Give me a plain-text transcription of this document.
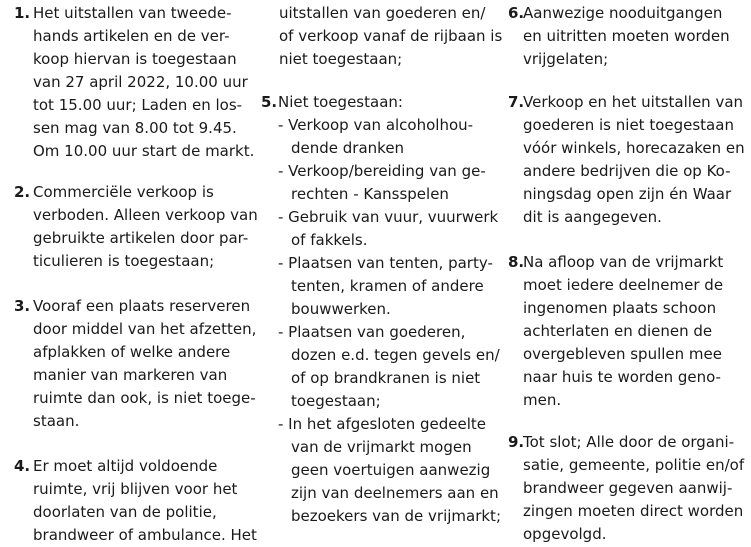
1. Het uitstallen van tweede-
hands artikelen en de ver-
koop hiervan is toegestaan
van 27 april 2022, 10.00 uur
tot 15.00 uur; Laden en los-
sen mag van 8.00 tot 9.45.
Om 10.00 uur start de markt.
2. Commerciële verkoop is
verboden. Alleen verkoop van
gebruikte artikelen door par-
ticulieren is toegestaan;
3. Vooraf een plaats reserveren
door middel van het afzetten,
afplakken of welke andere
manier van markeren van
ruimte dan ook, is niet toege-
staan.
4. Er moet altijd voldoende
ruimte, vrij blijven voor het
doorlaten van de politie,
brandweer of ambulance. Het
uitstallen van goederen en/
of verkoop vanaf de rijbaan is
niet toegestaan;
5. Niet toegestaan:
- Verkoop van alcoholhou-
dende dranken
- Verkoop/bereiding van ge-
rechten - Kansspelen
- Gebruik van vuur, vuurwerk
of fakkels.
- Plaatsen van tenten, party-
tenten, kramen of andere
bouwwerken.
- Plaatsen van goederen,
dozen e.d. tegen gevels en/
of op brandkranen is niet
toegestaan;
- In het afgesloten gedeelte
van de vrijmarkt mogen
geen voertuigen aanwezig
zijn van deelnemers aan en
bezoekers van de vrijmarkt;
6.
Aanwezige nooduitgangen
en uitritten moeten worden
vrijgelaten;
7.
Verkoop en het uitstallen van
goederen is niet toegestaan
vóór winkels, horecazaken en
andere bedrijven die op Ko-
ningsdag open zijn én Waar
dit is aangegeven.
8.
Na afloop van de vrijmarkt
moet iedere deelnemer de
ingenomen plaats schoon
achterlaten en dienen de
overgebleven spullen mee
naar huis te worden geno-
men.
9.
Tot slot; Alle door de organi-
satie, gemeente, politie en/of
brandweer gegeven aanwij-
zingen moeten direct worden
opgevolgd.
